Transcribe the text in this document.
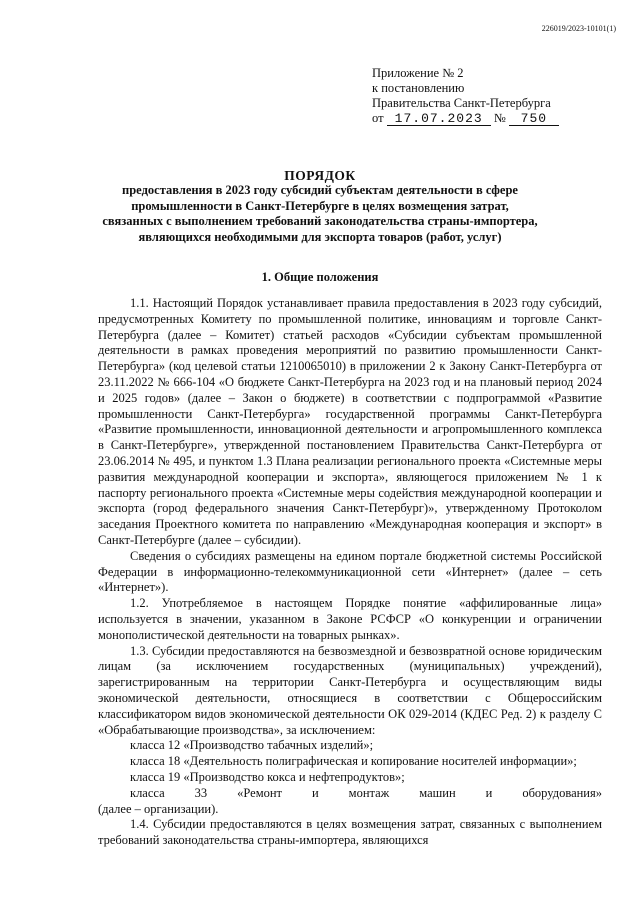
226019/2023-10101(1)
Приложение № 2
к постановлению
Правительства Санкт-Петербурга
от 17.07.2023 № 750
ПОРЯДОК
предоставления в 2023 году субсидий субъектам деятельности в сфере
промышленности в Санкт-Петербурге в целях возмещения затрат,
связанных с выполнением требований законодательства страны-импортера,
являющихся необходимыми для экспорта товаров (работ, услуг)
1. Общие положения

1.1. Настоящий Порядок устанавливает правила предоставления в 2023 году субсидий, предусмотренных Комитету по промышленной политике, инновациям и торговле Санкт-Петербурга (далее – Комитет) статьей расходов «Субсидии субъектам промышленной деятельности в рамках проведения мероприятий по развитию промышленности Санкт-Петербурга» (код целевой статьи 1210065010) в приложении 2 к Закону Санкт-Петербурга от 23.11.2022 № 666-104 «О бюджете Санкт-Петербурга на 2023 год и на плановый период 2024 и 2025 годов» (далее – Закон о бюджете) в соответствии с подпрограммой «Развитие промышленности Санкт-Петербурга» государственной программы Санкт-Петербурга «Развитие промышленности, инновационной деятельности и агропромышленного комплекса в Санкт-Петербурге», утвержденной постановлением Правительства Санкт-Петербурга от 23.06.2014 № 495, и пунктом 1.3 Плана реализации регионального проекта «Системные меры развития международной кооперации и экспорта», являющегося приложением № 1 к паспорту регионального проекта «Системные меры содействия международной кооперации и экспорта (город федерального значения Санкт-Петербург)», утвержденному Протоколом заседания Проектного комитета по направлению «Международная кооперация и экспорт» в Санкт-Петербурге (далее – субсидии).

Сведения о субсидиях размещены на едином портале бюджетной системы Российской Федерации в информационно-телекоммуникационной сети «Интернет» (далее – сеть «Интернет»).

1.2. Употребляемое в настоящем Порядке понятие «аффилированные лица» используется в значении, указанном в Законе РСФСР «О конкуренции и ограничении монополистической деятельности на товарных рынках».

1.3. Субсидии предоставляются на безвозмездной и безвозвратной основе юридическим лицам (за исключением государственных (муниципальных) учреждений), зарегистрированным на территории Санкт-Петербурга и осуществляющим виды экономической деятельности, относящиеся в соответствии с Общероссийским классификатором видов экономической деятельности ОК 029-2014 (КДЕС Ред. 2) к разделу С «Обрабатывающие производства», за исключением:

класса 12 «Производство табачных изделий»;

класса 18 «Деятельность полиграфическая и копирование носителей информации»;

класса 19 «Производство кокса и нефтепродуктов»;

класса 33 «Ремонт и монтаж машин и оборудования»

(далее – организации).

1.4. Субсидии предоставляются в целях возмещения затрат, связанных с выполнением требований законодательства страны-импортера, являющихся
